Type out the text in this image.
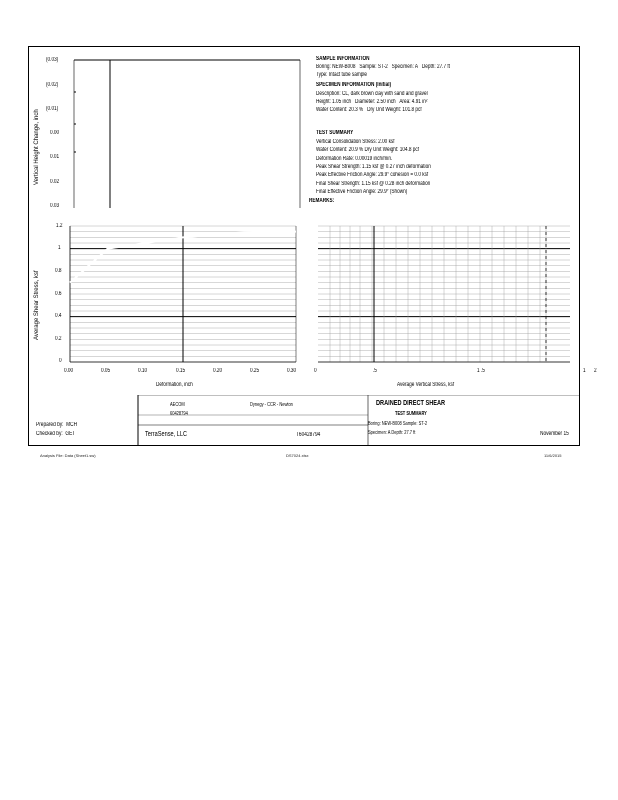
(0.03)
(0.02)
(0.01)
0.00
0.01
0.02
0.03
Vertical Height Change, inch
SAMPLE INFORMATION
Boring: NEW-B008 Sample: ST-2 Specimen: A Depth: 27.7 ft
Type: Intact tube sample
SPECIMEN INFORMATION (Initial)
Description: CL, dark brown clay with sand and gravel
Height: 1.05 inch Diameter: 2.50 inch Area: 4.91 in²
Water Content: 20.3 % Dry Unit Weight: 101.8 pcf
TEST SUMMARY
Vertical Consolidation Stress: 2.00 ksf
Water Content: 20.9 % Dry Unit Weight: 104.8 pcf
Deformation Rate: 0.00019 inch/min.
Peak Shear Strength: 1.15 ksf @ 0.27 inch deformation
Peak Effective Friction Angle: 29.9° cohesion = 0.0 ksf
Final Shear Strength: 1.15 ksf @ 0.28 inch deformation
Final Effective Friction Angle: 29.9° (Shown)
REMARKS:
1.2
1
0.8
0.6
0.4
0.2
0
Average Shear Stress, ksf
0.00	0.05	0.10	0.15	0.20	0.25	0.30
Deformation, inch
0	.5	1 .5	1 2
Average Vertical Stress, ksf
AECOM
60428794
Dynegy - CCR - Newton
TerraSense, LLC	T60428794
Prepared by: MCH
Checked by: GET
DRAINED DIRECT SHEAR
TEST SUMMARY
Boring: NEW-B008 Sample: ST-2
Specimen: A Depth: 27.7 ft	November 15
Analysis File: Data (Sheet1.sw)	DS7024.xlsx	11/6/2015
